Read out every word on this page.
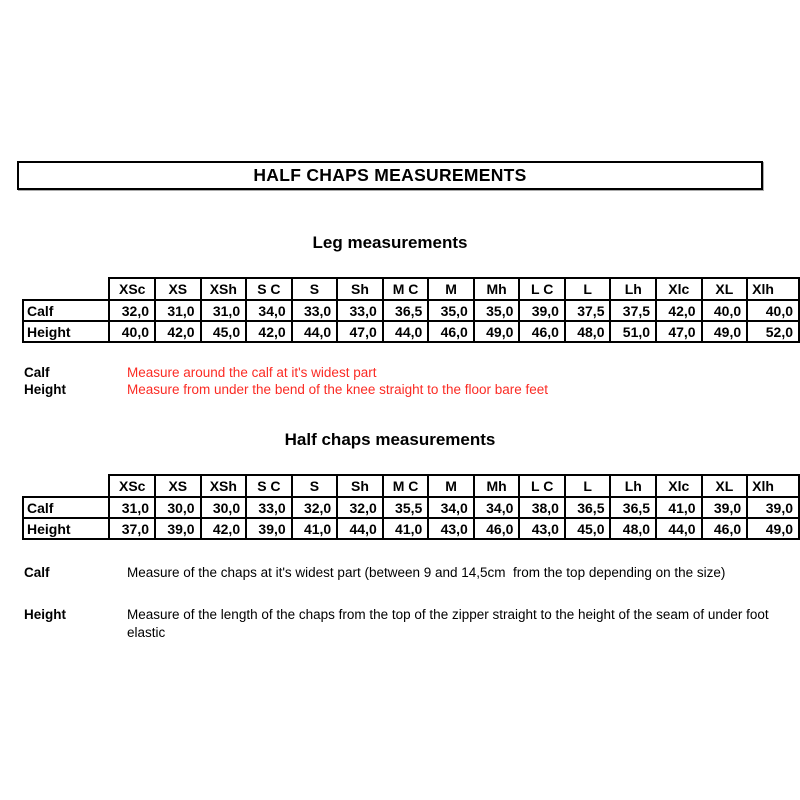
HALF CHAPS MEASUREMENTS
Leg measurements
	XSc	XS	XSh	S C	S	Sh	M C	M	Mh	L C	L	Lh	Xlc	XL	Xlh
Calf	32,0	31,0	31,0	34,0	33,0	33,0	36,5	35,0	35,0	39,0	37,5	37,5	42,0	40,0	40,0
Height	40,0	42,0	45,0	42,0	44,0	47,0	44,0	46,0	49,0	46,0	48,0	51,0	47,0	49,0	52,0
Calf	Measure around the calf at it's widest part
Height	Measure from under the bend of the knee straight to the floor bare feet
Half chaps measurements
	XSc	XS	XSh	S C	S	Sh	M C	M	Mh	L C	L	Lh	Xlc	XL	Xlh
Calf	31,0	30,0	30,0	33,0	32,0	32,0	35,5	34,0	34,0	38,0	36,5	36,5	41,0	39,0	39,0
Height	37,0	39,0	42,0	39,0	41,0	44,0	41,0	43,0	46,0	43,0	45,0	48,0	44,0	46,0	49,0
Calf	Measure of the chaps at it's widest part (between 9 and 14,5cm  from the top depending on the size)
Height	Measure of the length of the chaps from the top of the zipper straight to the height of the seam of under foot elastic
